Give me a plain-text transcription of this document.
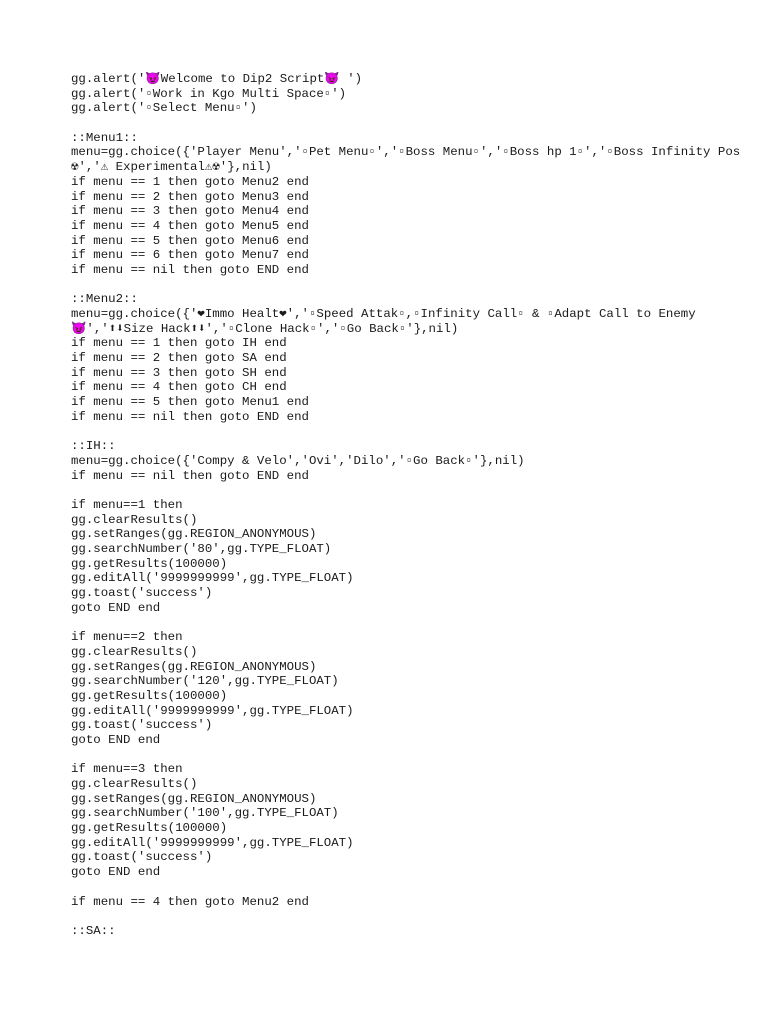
gg.alert('😈Welcome to Dip2 Script😈 ')
gg.alert('▫Work in Kgo Multi Space▫')
gg.alert('▫Select Menu▫')
::Menu1::
menu=gg.choice({'Player Menu','▫Pet Menu▫','▫Boss Menu▫','▫Boss hp 1▫','▫Boss Infinity Pos
☢','⚠ Experimental⚠☢'},nil)
if menu == 1 then goto Menu2 end
if menu == 2 then goto Menu3 end
if menu == 3 then goto Menu4 end
if menu == 4 then goto Menu5 end
if menu == 5 then goto Menu6 end
if menu == 6 then goto Menu7 end
if menu == nil then goto END end
::Menu2::
menu=gg.choice({'❤Immo Healt❤','▫Speed Attak▫,▫Infinity Call▫ & ▫Adapt Call to Enemy
😈','⬆⬇Size Hack⬆⬇','▫Clone Hack▫','▫Go Back▫'},nil)
if menu == 1 then goto IH end
if menu == 2 then goto SA end
if menu == 3 then goto SH end
if menu == 4 then goto CH end
if menu == 5 then goto Menu1 end
if menu == nil then goto END end
::IH::
menu=gg.choice({'Compy & Velo','Ovi','Dilo','▫Go Back▫'},nil)
if menu == nil then goto END end
if menu==1 then
gg.clearResults()
gg.setRanges(gg.REGION_ANONYMOUS)
gg.searchNumber('80',gg.TYPE_FLOAT)
gg.getResults(100000)
gg.editAll('9999999999',gg.TYPE_FLOAT)
gg.toast('success')
goto END end
if menu==2 then
gg.clearResults()
gg.setRanges(gg.REGION_ANONYMOUS)
gg.searchNumber('120',gg.TYPE_FLOAT)
gg.getResults(100000)
gg.editAll('9999999999',gg.TYPE_FLOAT)
gg.toast('success')
goto END end
if menu==3 then
gg.clearResults()
gg.setRanges(gg.REGION_ANONYMOUS)
gg.searchNumber('100',gg.TYPE_FLOAT)
gg.getResults(100000)
gg.editAll('9999999999',gg.TYPE_FLOAT)
gg.toast('success')
goto END end
if menu == 4 then goto Menu2 end
::SA::
